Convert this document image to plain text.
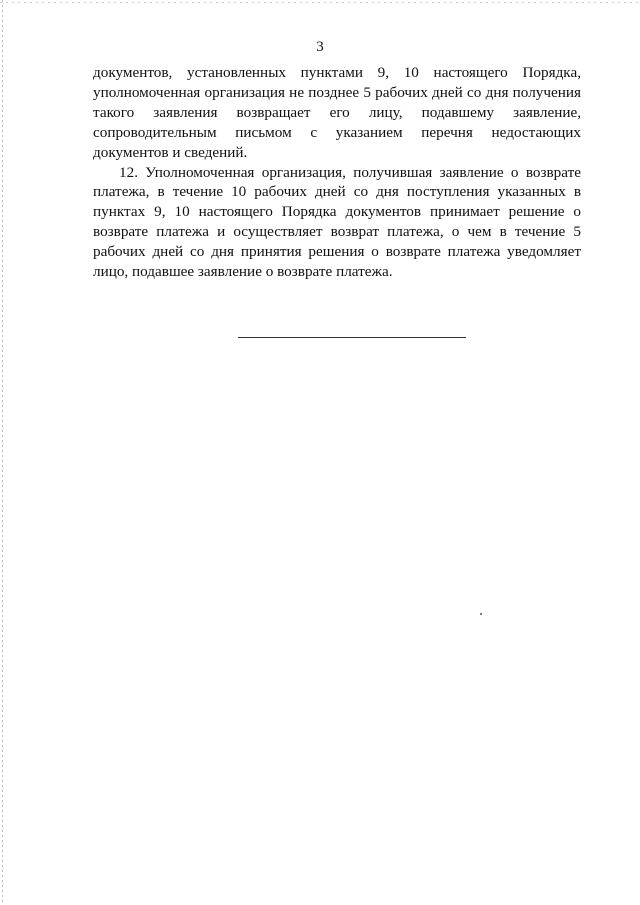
3

документов, установленных пунктами 9, 10 настоящего Порядка, уполномоченная организация не позднее 5 рабочих дней со дня получения такого заявления возвращает его лицу, подавшему заявление, сопроводительным письмом с указанием перечня недостающих документов и сведений.

12. Уполномоченная организация, получившая заявление о возврате платежа, в течение 10 рабочих дней со дня поступления указанных в пунктах 9, 10 настоящего Порядка документов принимает решение о возврате платежа и осуществляет возврат платежа, о чем в течение 5 рабочих дней со дня принятия решения о возврате платежа уведомляет лицо, подавшее заявление о возврате платежа.
